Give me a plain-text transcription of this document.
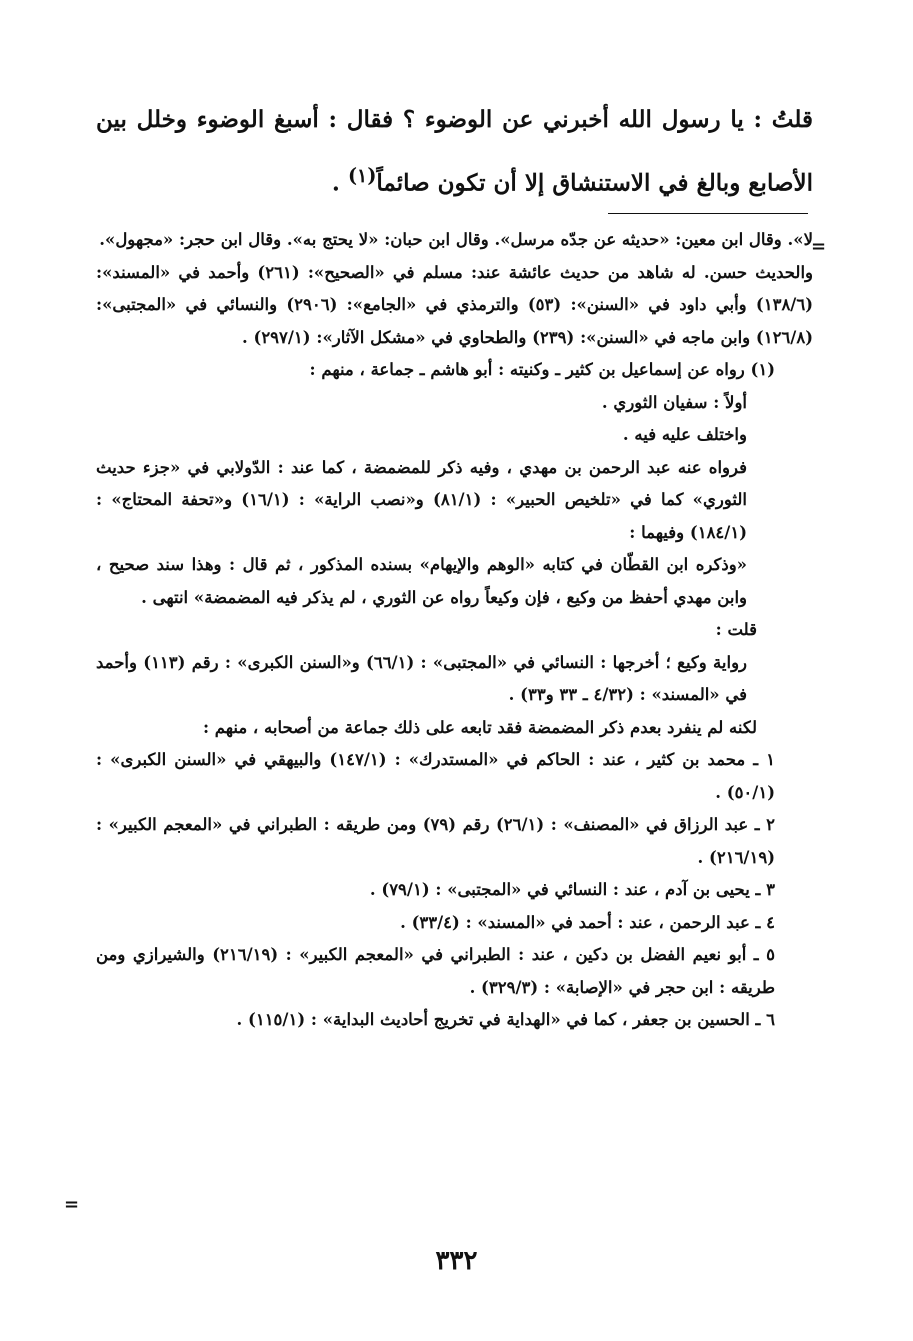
قلتُ : يا رسول الله أخبرني عن الوضوء ؟ فقال : أسبغ الوضوء وخلل بين الأصابع وبالغ في الاستنشاق إلا أن تكون صائماً$^{(١)}$ .

=

لا». وقال ابن معين: «حديثه عن جدّه مرسل». وقال ابن حبان: «لا يحتج به». وقال ابن حجر: «مجهول».

والحديث حسن. له شاهد من حديث عائشة عند: مسلم في «الصحيح»: (٢٦١) وأحمد في «المسند»: (١٣٨/٦) وأبي داود في «السنن»: (٥٣) والترمذي في «الجامع»: (٢٩٠٦) والنسائي في «المجتبى»: (١٢٦/٨) وابن ماجه في «السنن»: (٢٣٩) والطحاوي في «مشكل الآثار»: (٢٩٧/١) .

(١) رواه عن إسماعيل بن كثير ـ وكنيته : أبو هاشم ـ جماعة ، منهم :

أولاً : سفيان الثوري .

واختلف عليه فيه .

فرواه عنه عبد الرحمن بن مهدي ، وفيه ذكر للمضمضة ، كما عند : الدّولابي في «جزء حديث الثوري» كما في «تلخيص الحبير» : (٨١/١) و«نصب الراية» : (١٦/١) و«تحفة المحتاج» : (١٨٤/١) وفيهما :

«وذكره ابن القطّان في كتابه «الوهم والإيهام» بسنده المذكور ، ثم قال : وهذا سند صحيح ، وابن مهدي أحفظ من وكيع ، فإن وكيعاً رواه عن الثوري ، لم يذكر فيه المضمضة» انتهى .

قلت :

رواية وكيع ؛ أخرجها : النسائي في «المجتبى» : (٦٦/١) و«السنن الكبرى» : رقم (١١٣) وأحمد في «المسند» : (٤/٣٢ ـ ٣٣ و٣٣) .

لكنه لم ينفرد بعدم ذكر المضمضة فقد تابعه على ذلك جماعة من أصحابه ، منهم :

١ ـ محمد بن كثير ، عند : الحاكم في «المستدرك» : (١٤٧/١) والبيهقي في «السنن الكبرى» : (٥٠/١) .

٢ ـ عبد الرزاق في «المصنف» : (٢٦/١) رقم (٧٩) ومن طريقه : الطبراني في «المعجم الكبير» : (٢١٦/١٩) .

٣ ـ يحيى بن آدم ، عند : النسائي في «المجتبى» : (٧٩/١) .

٤ ـ عبد الرحمن ، عند : أحمد في «المسند» : (٣٣/٤) .

٥ ـ أبو نعيم الفضل بن دكين ، عند : الطبراني في «المعجم الكبير» : (٢١٦/١٩) والشيرازي ومن طريقه : ابن حجر في «الإصابة» : (٣٢٩/٣) .

٦ ـ الحسين بن جعفر ، كما في «الهداية في تخريج أحاديث البداية» : (١١٥/١) .

=
٣٣٢
